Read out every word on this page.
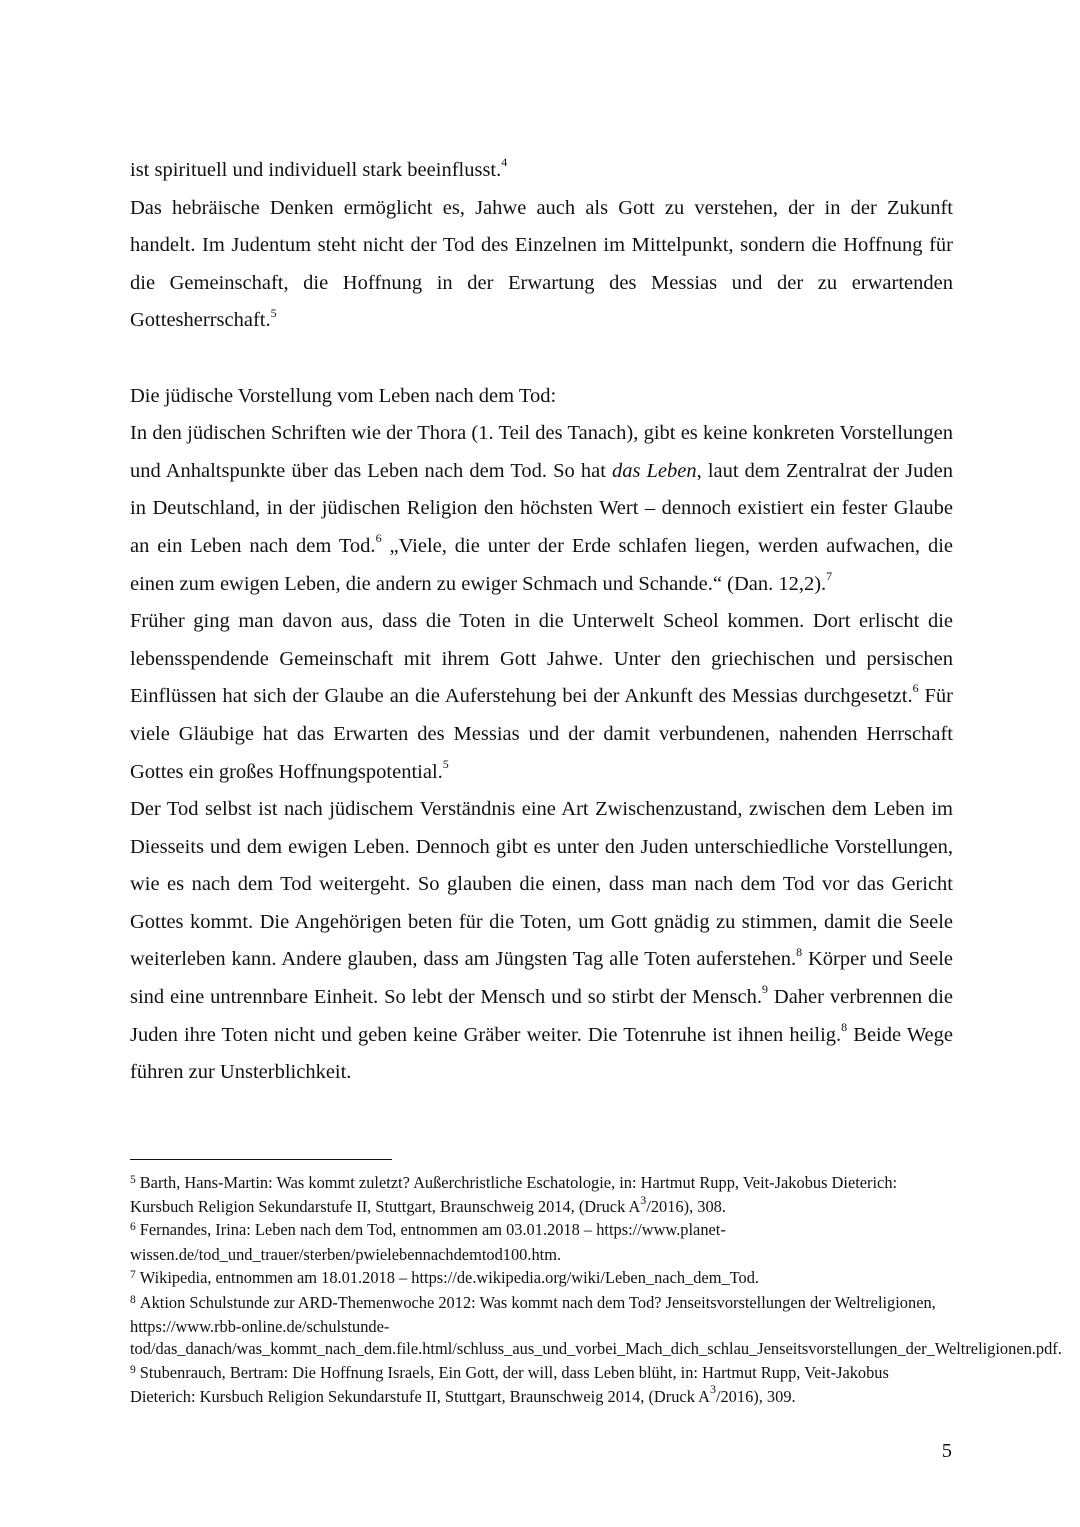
ist spirituell und individuell stark beeinflusst.$^4$

Das hebräische Denken ermöglicht es, Jahwe auch als Gott zu verstehen, der in der Zukunft handelt. Im Judentum steht nicht der Tod des Einzelnen im Mittelpunkt, sondern die Hoffnung für die Gemeinschaft, die Hoffnung in der Erwartung des Messias und der zu erwartenden Gottesherrschaft.$^5$

Die jüdische Vorstellung vom Leben nach dem Tod:

In den jüdischen Schriften wie der Thora (1. Teil des Tanach), gibt es keine konkreten Vorstellungen und Anhaltspunkte über das Leben nach dem Tod. So hat das Leben, laut dem Zentralrat der Juden in Deutschland, in der jüdischen Religion den höchsten Wert – dennoch existiert ein fester Glaube an ein Leben nach dem Tod.$^6$ „Viele, die unter der Erde schlafen liegen, werden aufwachen, die einen zum ewigen Leben, die andern zu ewiger Schmach und Schande.“ (Dan. 12,2).$^7$

Früher ging man davon aus, dass die Toten in die Unterwelt Scheol kommen. Dort erlischt die lebensspendende Gemeinschaft mit ihrem Gott Jahwe. Unter den griechischen und persischen Einflüssen hat sich der Glaube an die Auferstehung bei der Ankunft des Messias durchgesetzt.$^6$ Für viele Gläubige hat das Erwarten des Messias und der damit verbundenen, nahenden Herrschaft Gottes ein großes Hoffnungspotential.$^5$

Der Tod selbst ist nach jüdischem Verständnis eine Art Zwischenzustand, zwischen dem Leben im Diesseits und dem ewigen Leben. Dennoch gibt es unter den Juden unterschiedliche Vorstellungen, wie es nach dem Tod weitergeht. So glauben die einen, dass man nach dem Tod vor das Gericht Gottes kommt. Die Angehörigen beten für die Toten, um Gott gnädig zu stimmen, damit die Seele weiterleben kann. Andere glauben, dass am Jüngsten Tag alle Toten auferstehen.$^8$ Körper und Seele sind eine untrennbare Einheit. So lebt der Mensch und so stirbt der Mensch.$^9$ Daher verbrennen die Juden ihre Toten nicht und geben keine Gräber weiter. Die Totenruhe ist ihnen heilig.$^8$ Beide Wege führen zur Unsterblichkeit.

$^5$ Barth, Hans-Martin: Was kommt zuletzt? Außerchristliche Eschatologie, in: Hartmut Rupp, Veit-Jakobus Dieterich: Kursbuch Religion Sekundarstufe II, Stuttgart, Braunschweig 2014, (Druck $A^3/2016$), 308.

$^6$ Fernandes, Irina: Leben nach dem Tod, entnommen am 03.01.2018 – https://www.planet-wissen.de/tod_und_trauer/sterben/pwielebennachdemtod100.htm.

$^7$ Wikipedia, entnommen am 18.01.2018 – https://de.wikipedia.org/wiki/Leben_nach_dem_Tod.

$^8$ Aktion Schulstunde zur ARD-Themenwoche 2012: Was kommt nach dem Tod? Jenseitsvorstellungen der Weltreligionen, https://www.rbb-online.de/schulstunde-tod/das_danach/was_kommt_nach_dem.file.html/schluss_aus_und_vorbei_Mach_dich_schlau_Jenseitsvorstellungen_der_Weltreligionen.pdf.

$^9$ Stubenrauch, Bertram: Die Hoffnung Israels, Ein Gott, der will, dass Leben blüht, in: Hartmut Rupp, Veit-Jakobus Dieterich: Kursbuch Religion Sekundarstufe II, Stuttgart, Braunschweig 2014, (Druck $A^3/2016$), 309.

5
